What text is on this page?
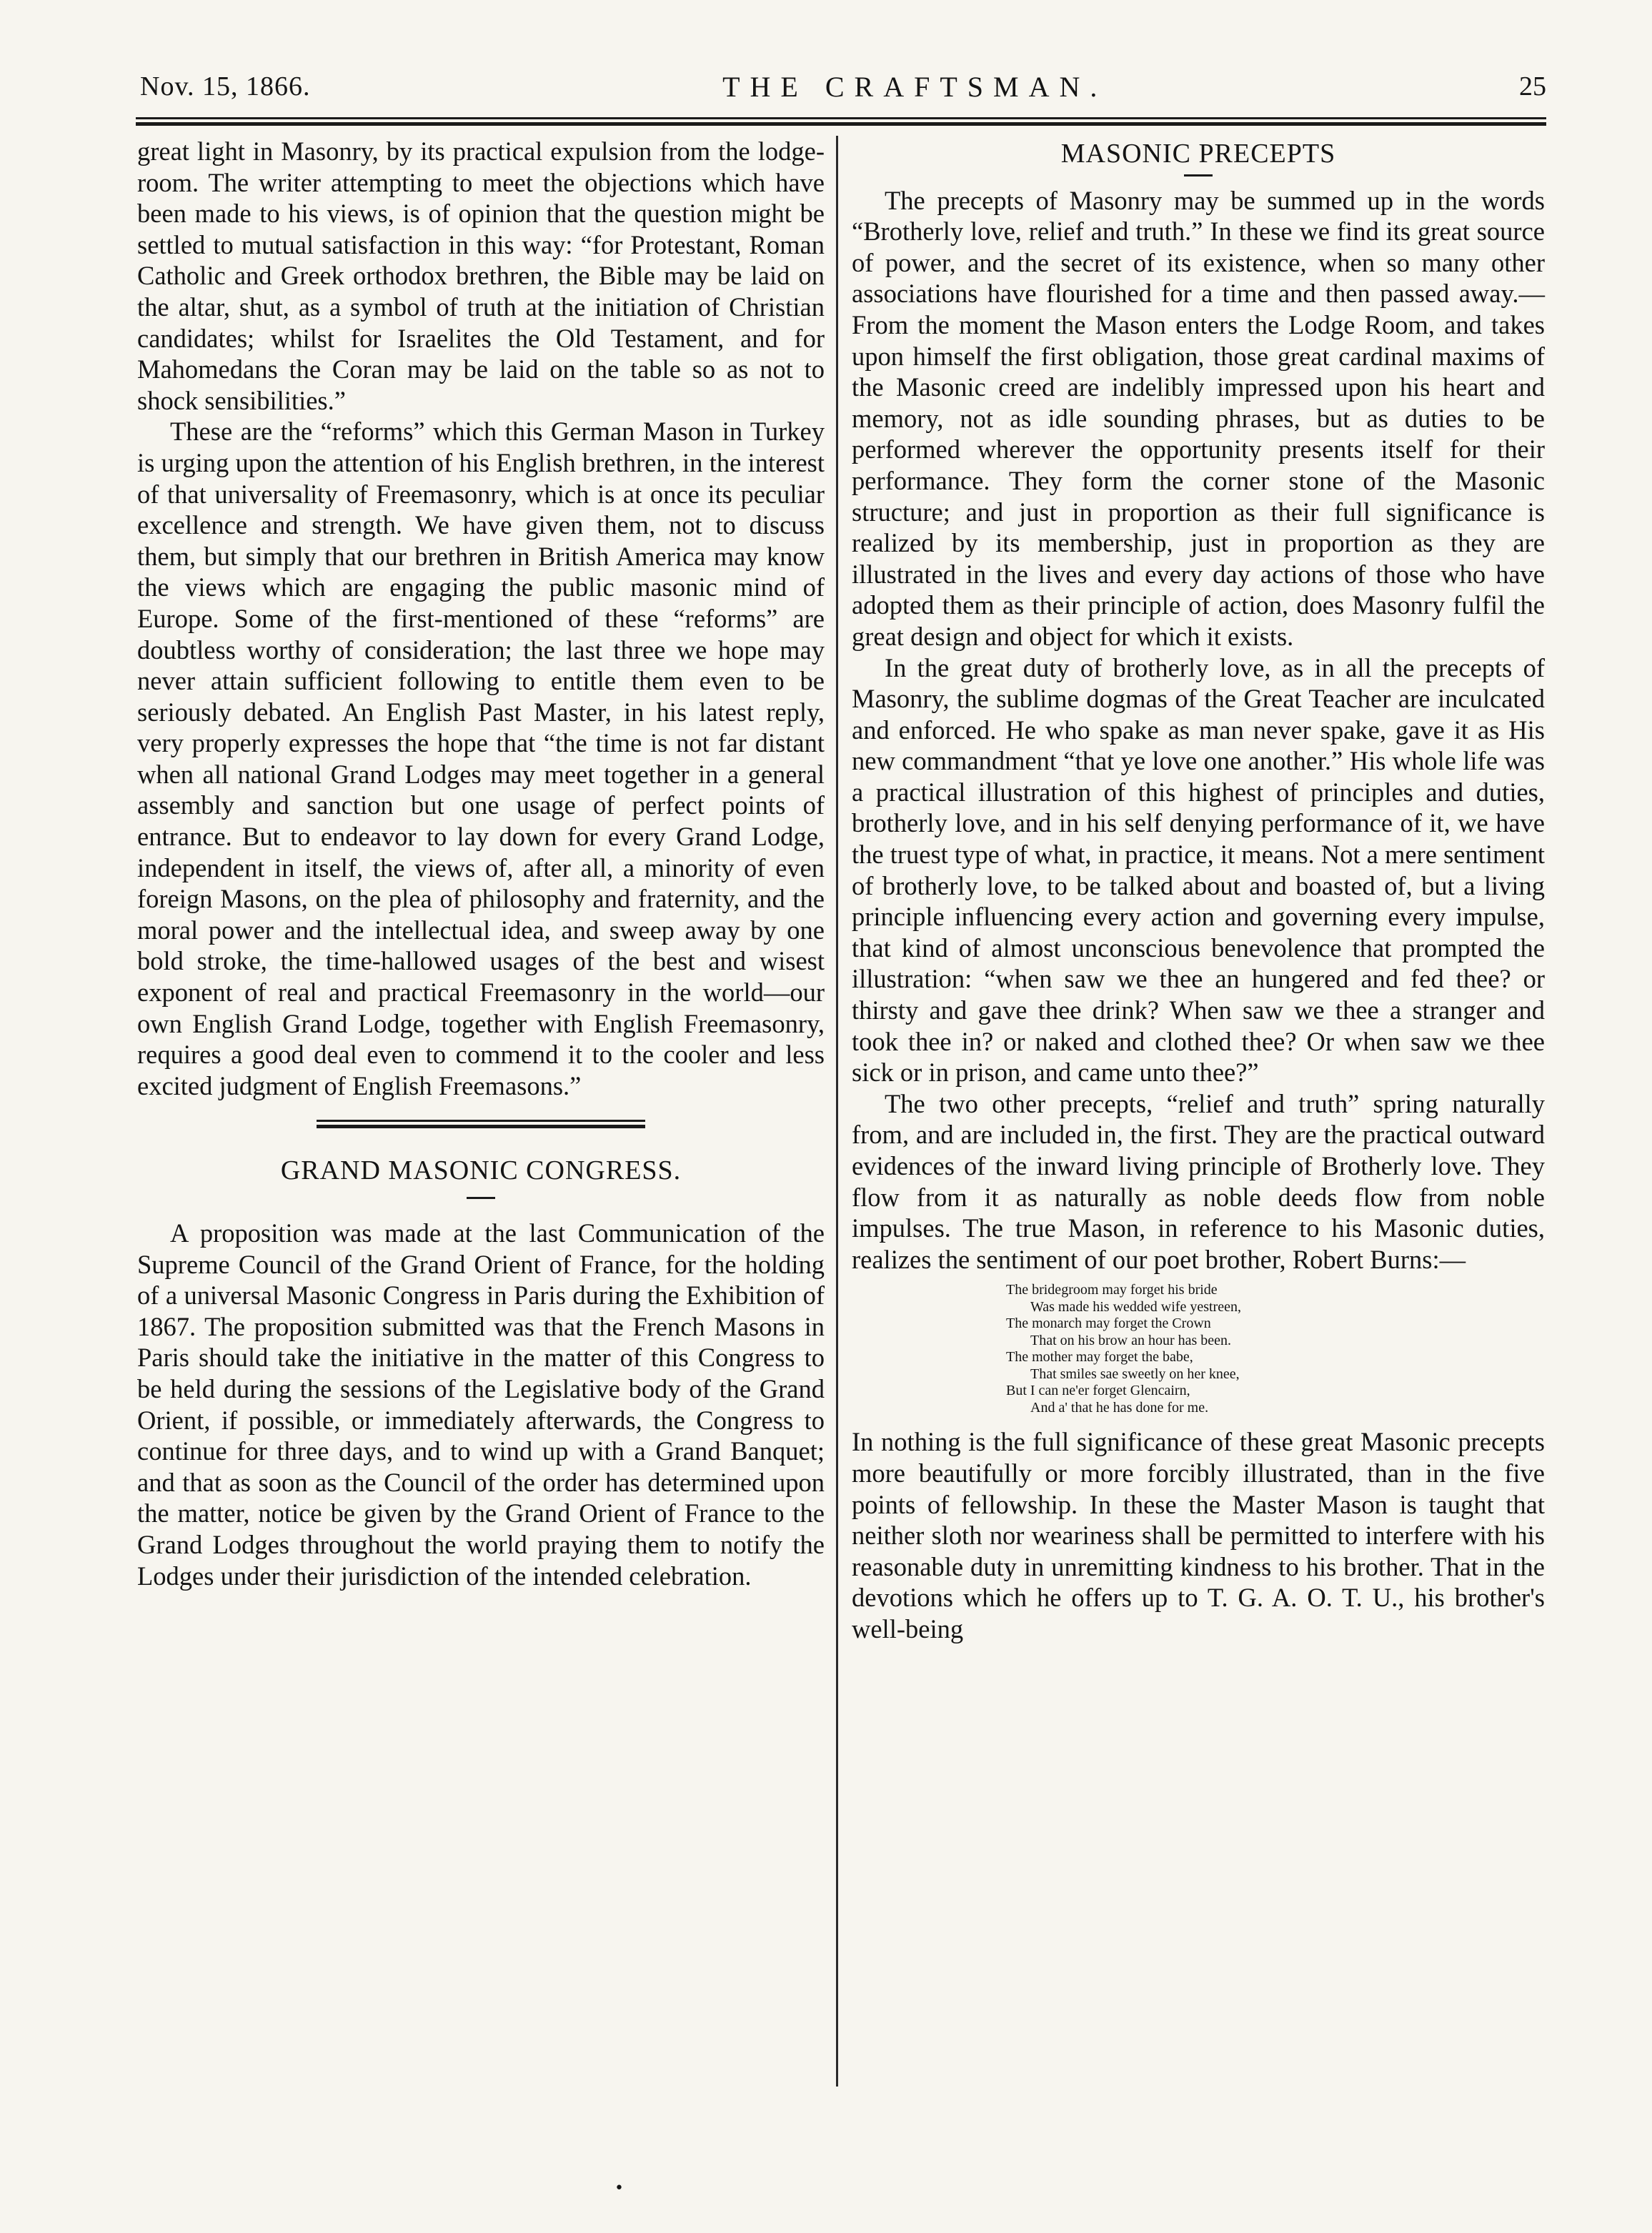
Nov. 15, 1866.	THE CRAFTSMAN.	25

great light in Masonry, by its practical expulsion from the lodge-room. The writer attempting to meet the objections which have been made to his views, is of opinion that the question might be settled to mutual satisfaction in this way: “for Protestant, Roman Catholic and Greek orthodox brethren, the Bible may be laid on the altar, shut, as a symbol of truth at the initiation of Christian candidates; whilst for Israelites the Old Testament, and for Mahomedans the Coran may be laid on the table so as not to shock sensibilities.”

These are the “reforms” which this German Mason in Turkey is urging upon the attention of his English brethren, in the interest of that universality of Freemasonry, which is at once its peculiar excellence and strength. We have given them, not to discuss them, but simply that our brethren in British America may know the views which are engaging the public masonic mind of Europe. Some of the first-mentioned of these “reforms” are doubtless worthy of consideration; the last three we hope may never attain sufficient following to entitle them even to be seriously debated. An English Past Master, in his latest reply, very properly expresses the hope that “the time is not far distant when all national Grand Lodges may meet together in a general assembly and sanction but one usage of perfect points of entrance. But to endeavor to lay down for every Grand Lodge, independent in itself, the views of, after all, a minority of even foreign Masons, on the plea of philosophy and fraternity, and the moral power and the intellectual idea, and sweep away by one bold stroke, the time-hallowed usages of the best and wisest exponent of real and practical Freemasonry in the world—our own English Grand Lodge, together with English Freemasonry, requires a good deal even to commend it to the cooler and less excited judgment of English Freemasons.”

GRAND MASONIC CONGRESS.

A proposition was made at the last Communication of the Supreme Council of the Grand Orient of France, for the holding of a universal Masonic Congress in Paris during the Exhibition of 1867. The proposition submitted was that the French Masons in Paris should take the initiative in the matter of this Congress to be held during the sessions of the Legislative body of the Grand Orient, if possible, or immediately afterwards, the Congress to continue for three days, and to wind up with a Grand Banquet; and that as soon as the Council of the order has determined upon the matter, notice be given by the Grand Orient of France to the Grand Lodges throughout the world praying them to notify the Lodges under their jurisdiction of the intended celebration.

MASONIC PRECEPTS

The precepts of Masonry may be summed up in the words “Brotherly love, relief and truth.” In these we find its great source of power, and the secret of its existence, when so many other associations have flourished for a time and then passed away.— From the moment the Mason enters the Lodge Room, and takes upon himself the first obligation, those great cardinal maxims of the Masonic creed are indelibly impressed upon his heart and memory, not as idle sounding phrases, but as duties to be performed wherever the opportunity presents itself for their performance. They form the corner stone of the Masonic structure; and just in proportion as their full significance is realized by its membership, just in proportion as they are illustrated in the lives and every day actions of those who have adopted them as their principle of action, does Masonry fulfil the great design and object for which it exists.

In the great duty of brotherly love, as in all the precepts of Masonry, the sublime dogmas of the Great Teacher are inculcated and enforced. He who spake as man never spake, gave it as His new commandment “that ye love one another.” His whole life was a practical illustration of this highest of principles and duties, brotherly love, and in his self denying performance of it, we have the truest type of what, in practice, it means. Not a mere sentiment of brotherly love, to be talked about and boasted of, but a living principle influencing every action and governing every impulse, that kind of almost unconscious benevolence that prompted the illustration: “when saw we thee an hungered and fed thee? or thirsty and gave thee drink? When saw we thee a stranger and took thee in? or naked and clothed thee? Or when saw we thee sick or in prison, and came unto thee?”

The two other precepts, “relief and truth” spring naturally from, and are included in, the first. They are the practical outward evidences of the inward living principle of Brotherly love. They flow from it as naturally as noble deeds flow from noble impulses. The true Mason, in reference to his Masonic duties, realizes the sentiment of our poet brother, Robert Burns:—

The bridegroom may forget his bride
Was made his wedded wife yestreen,
The monarch may forget the Crown
That on his brow an hour has been.
The mother may forget the babe,
That smiles sae sweetly on her knee,
But I can ne'er forget Glencairn,
And a' that he has done for me.

In nothing is the full significance of these great Masonic precepts more beautifully or more forcibly illustrated, than in the five points of fellowship. In these the Master Mason is taught that neither sloth nor weariness shall be permitted to interfere with his reasonable duty in unremitting kindness to his brother. That in the devotions which he offers up to T. G. A. O. T. U., his brother's well-being

•
